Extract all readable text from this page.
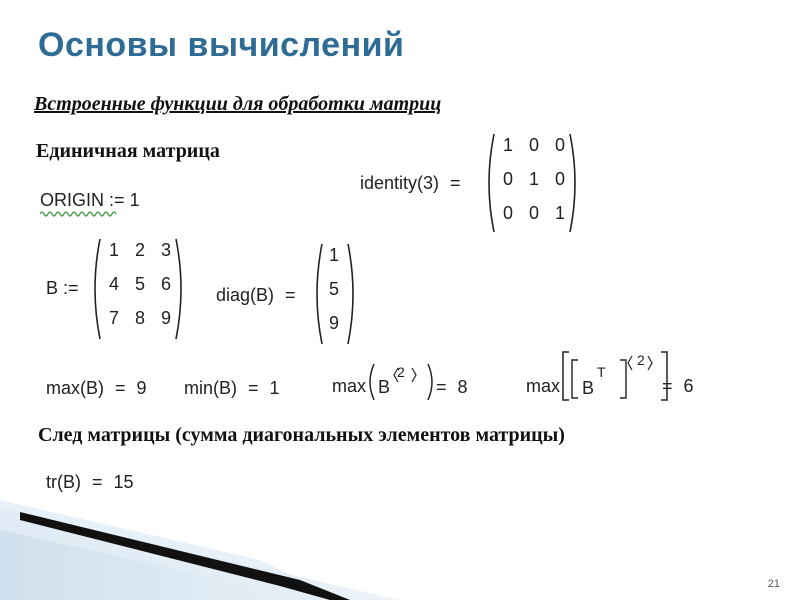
Основы вычислений
Встроенные функции для обработки матриц
Единичная матрица
ORIGIN := 1
identity(3) =
1 0 0
0 1 0
0 0 1
B :=
1 2 3
4 5 6
7 8 9
diag(B) =
1
5
9
max(B) = 9 min(B) = 1	max B
2
= 8	max B
T
2
= 6
След матрицы (сумма диагональных элементов матрицы)
tr(B) = 15
21
